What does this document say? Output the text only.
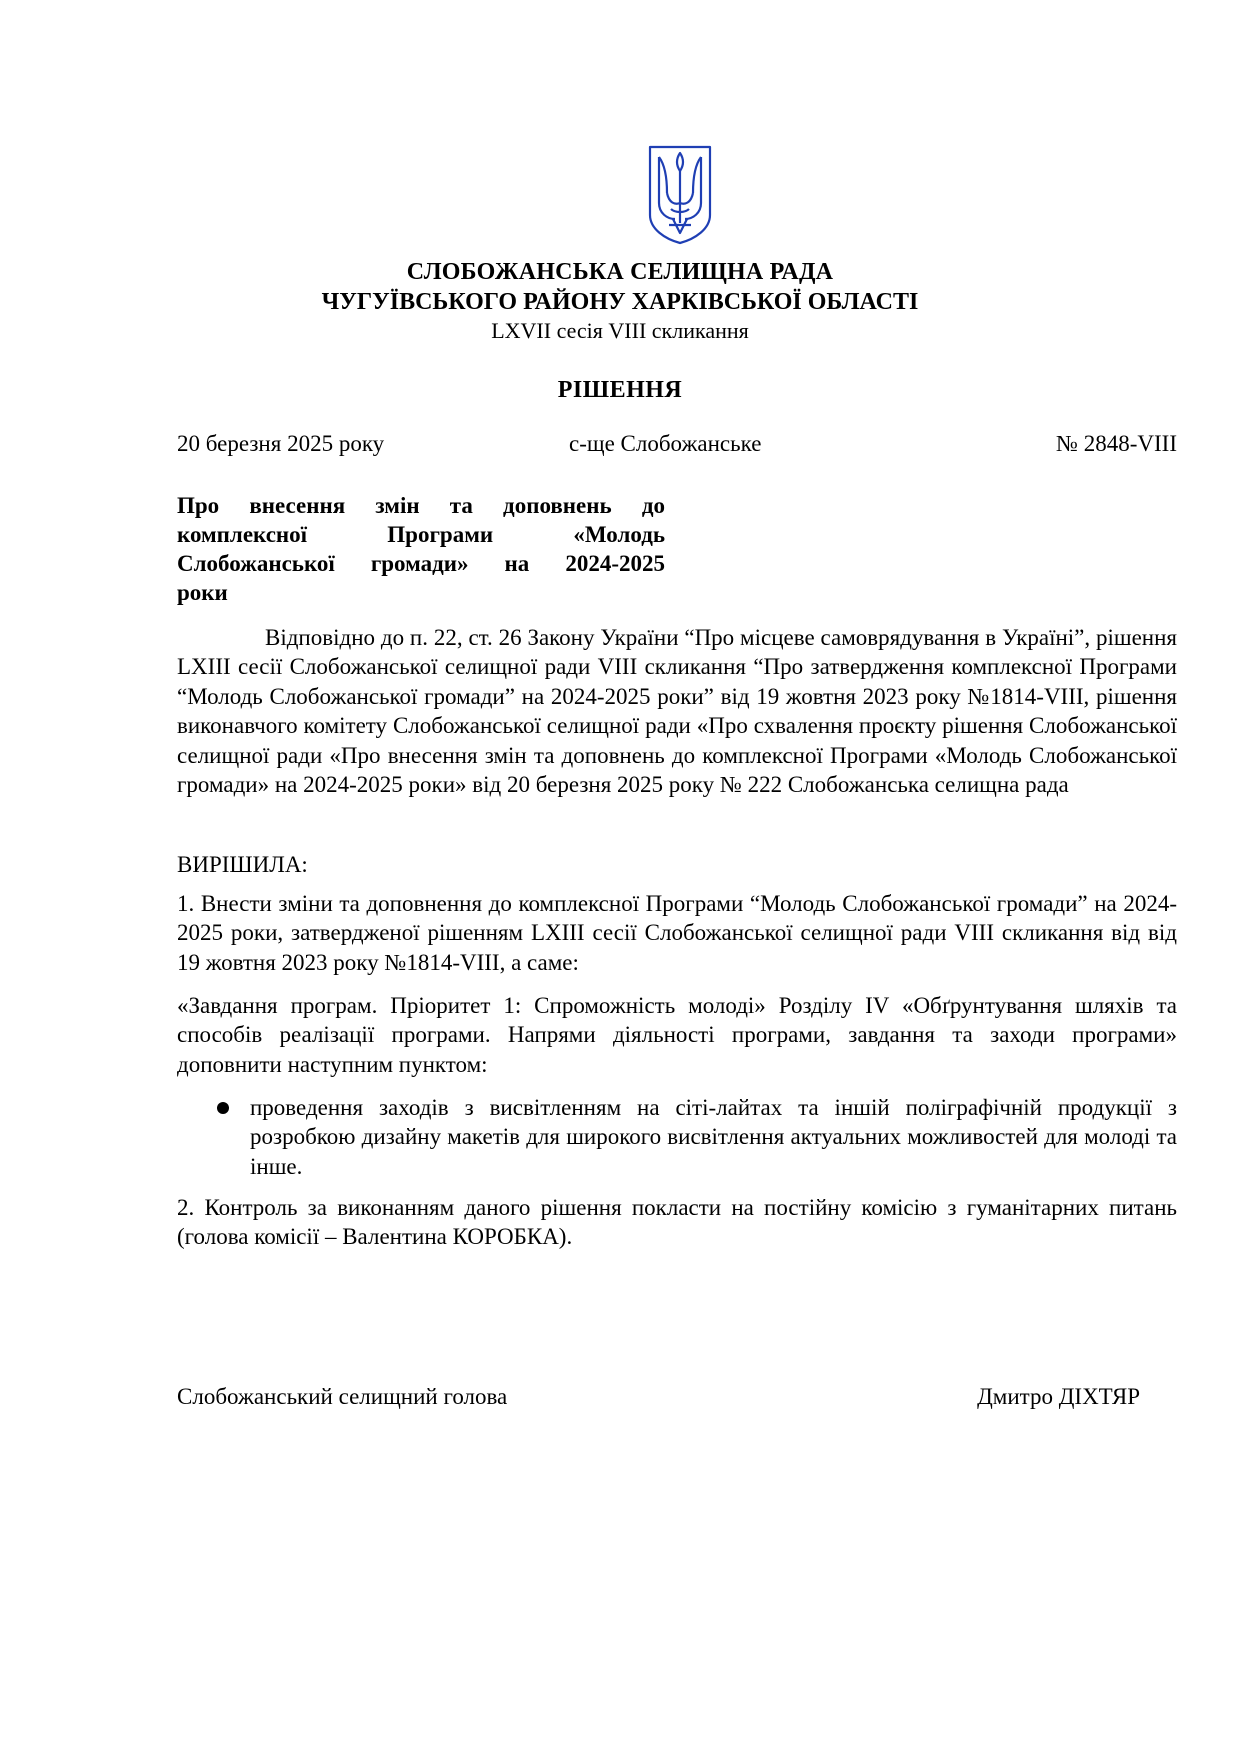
СЛОБОЖАНСЬКА СЕЛИЩНА РАДА
ЧУГУЇВСЬКОГО РАЙОНУ ХАРКІВСЬКОЇ ОБЛАСТІ
LXVII сесія VIII скликання
РІШЕННЯ
20 березня 2025 року	с-ще Слобожанське	№ 2848-VIII
Про внесення змін та доповнень до комплексної Програми «Молодь Слобожанської громади» на 2024-2025
роки
Відповідно до п. 22, ст. 26 Закону України “Про місцеве самоврядування в Україні”, рішення LXIII сесії Слобожанської селищної ради VIII скликання “Про затвердження комплексної Програми “Молодь Слобожанської громади” на 2024-2025 роки” від 19 жовтня 2023 року №1814-VIII, рішення виконавчого комітету Слобожанської селищної ради «Про схвалення проєкту рішення Слобожанської селищної ради «Про внесення змін та доповнень до комплексної Програми «Молодь Слобожанської громади» на 2024-2025 роки» від 20 березня 2025 року № 222 Слобожанська селищна рада
ВИРІШИЛА:
1. Внести зміни та доповнення до комплексної Програми “Молодь Слобожанської громади” на 2024-2025 роки, затвердженої рішенням LXIII сесії Слобожанської селищної ради VIII скликання від від 19 жовтня 2023 року №1814-VIII, а саме:
«Завдання програм. Пріоритет 1: Спроможність молоді» Розділу IV «Обґрунтування шляхів та способів реалізації програми. Напрями діяльності програми, завдання та заходи програми» доповнити наступним пунктом:
проведення заходів з висвітленням на сіті-лайтах та іншій поліграфічній продукції з розробкою дизайну макетів для широкого висвітлення актуальних можливостей для молоді та інше.
2. Контроль за виконанням даного рішення покласти на постійну комісію з гуманітарних питань (голова комісії – Валентина КОРОБКА).
Слобожанський селищний голова	Дмитро ДІХТЯР
